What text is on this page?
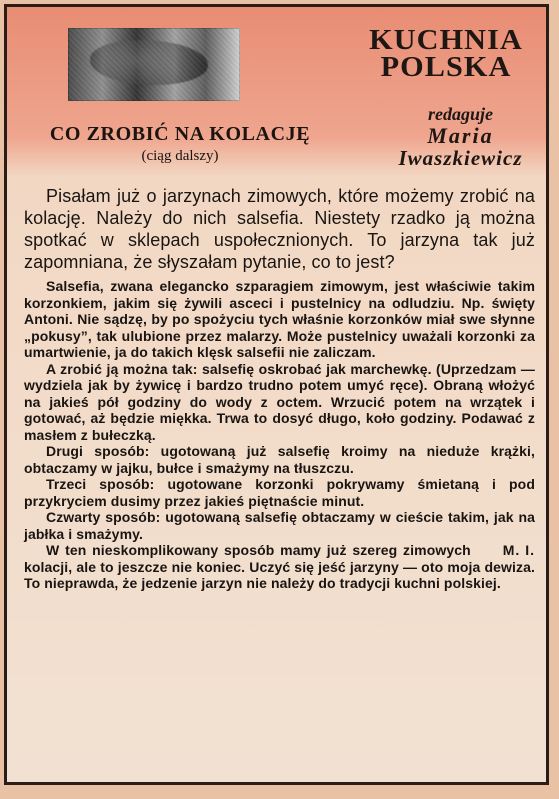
KUCHNIA
POLSKA
redaguje
Maria
Iwaszkiewicz
CO ZROBIĆ NA KOLACJĘ
(ciąg dalszy)

Pisałam już o jarzynach zimowych, które możemy zrobić na kolację. Należy do nich salsefia. Niestety rzadko ją można spotkać w sklepach uspołecznionych. To jarzyna tak już zapomniana, że słyszałam pytanie, co to jest?

Salsefia, zwana elegancko szparagiem zimowym, jest właściwie takim korzonkiem, jakim się żywili asceci i pustelnicy na odludziu. Np. święty Antoni. Nie sądzę, by po spożyciu tych właśnie korzonków miał swe słynne „pokusy”, tak ulubione przez malarzy. Może pustelnicy uważali korzonki za umartwienie, ja do takich klęsk salsefii nie zaliczam.

A zrobić ją można tak: salsefię oskrobać jak marchewkę. (Uprzedzam — wydziela jak by żywicę i bardzo trudno potem umyć ręce). Obraną włożyć na jakieś pół godziny do wody z octem. Wrzucić potem na wrzątek i gotować, aż będzie miękka. Trwa to dosyć długo, koło godziny. Podawać z masłem z bułeczką.

Drugi sposób: ugotowaną już salsefię kroimy na nieduże krążki, obtaczamy w jajku, bułce i smażymy na tłuszczu.

Trzeci sposób: ugotowane korzonki pokrywamy śmietaną i pod przykryciem dusimy przez jakieś piętnaście minut.

Czwarty sposób: ugotowaną salsefię obtaczamy w cieście takim, jak na jabłka i smażymy.

M. I.
W ten nieskomplikowany sposób mamy już szereg zimowych kolacji, ale to jeszcze nie koniec. Uczyć się jeść jarzyny — oto moja dewiza. To nieprawda, że jedzenie jarzyn nie należy do tradycji kuchni polskiej.
